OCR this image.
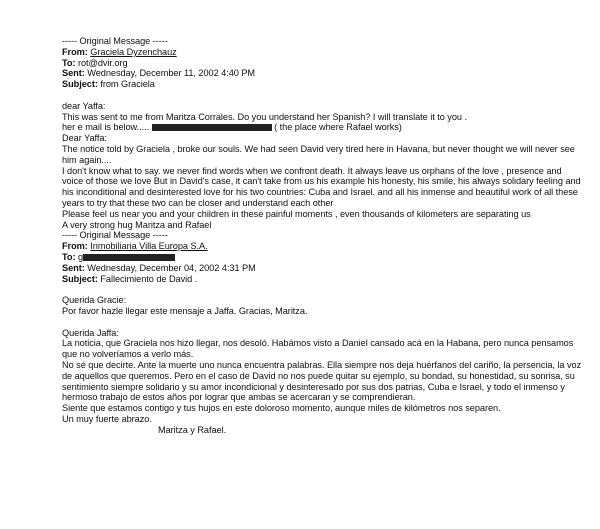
----- Original Message -----
From: Graciela Dyzenchauz
To: rot@dvir.org
Sent: Wednesday, December 11, 2002 4:40 PM
Subject: from Graciela
dear Yaffa:
This was sent to me from Maritza Corrales. Do you understand her Spanish? I will translate it to you .
her e mail is below.....	( the place where Rafael works)
Dear Yaffa:
The notice told by Graciela , broke our souls. We had seen David very tired here in Havana, but never thought we will never see him again....
I don't know what to say. we never find words when we confront death. It always leave us orphans of the love , presence and voice of those we love But in David's case, it can't take from us his example his honesty, his smile, his always solidary feeling and his inconditional and desinterested love for his two countries: Cuba and Israel. and all his inmense and beautiful work of all these years to try that these two can be closer and understand each other
Please feel us near you and your children in these painful moments , even thousands of kilometers are separating us
A very strong hug Maritza and Rafael
----- Original Message -----
From: Inmobiliaria Villa Europa S.A.
To: g
Sent: Wednesday, December 04, 2002 4:31 PM
Subject: Fallecimiento de David .
Querida Gracie:
Por favor hazle llegar este mensaje a Jaffa. Gracias, Maritza.
Querida Jaffa:
La noticia, que Graciela nos hizo llegar, nos desoló. Habámos visto a Daniel cansado acá en la Habana, pero nunca pensamos que no volveríamos a verlo más.
No sé que decirte. Ante la muerte uno nunca encuentra palabras. Ella siempre nos deja huérfanos del cariño, la persencia, la voz de aquellos que queremos. Pero en el caso de David no nos puede quitar su ejemplo, su bondad, su honestidad, su sonrisa, su sentimiento siempre solidario y su amor incondicional y desinteresado por sus dos patrias, Cuba e Israel, y todo el inmenso y hermoso trabajo de estos años por lograr que ambas se acercaran y se comprendieran.
Siente que estamos contigo y tus hujos en este doloroso momento, aunque miles de kilómetros nos separen.
Un muy fuerte abrazo.
Maritza y Rafael.
